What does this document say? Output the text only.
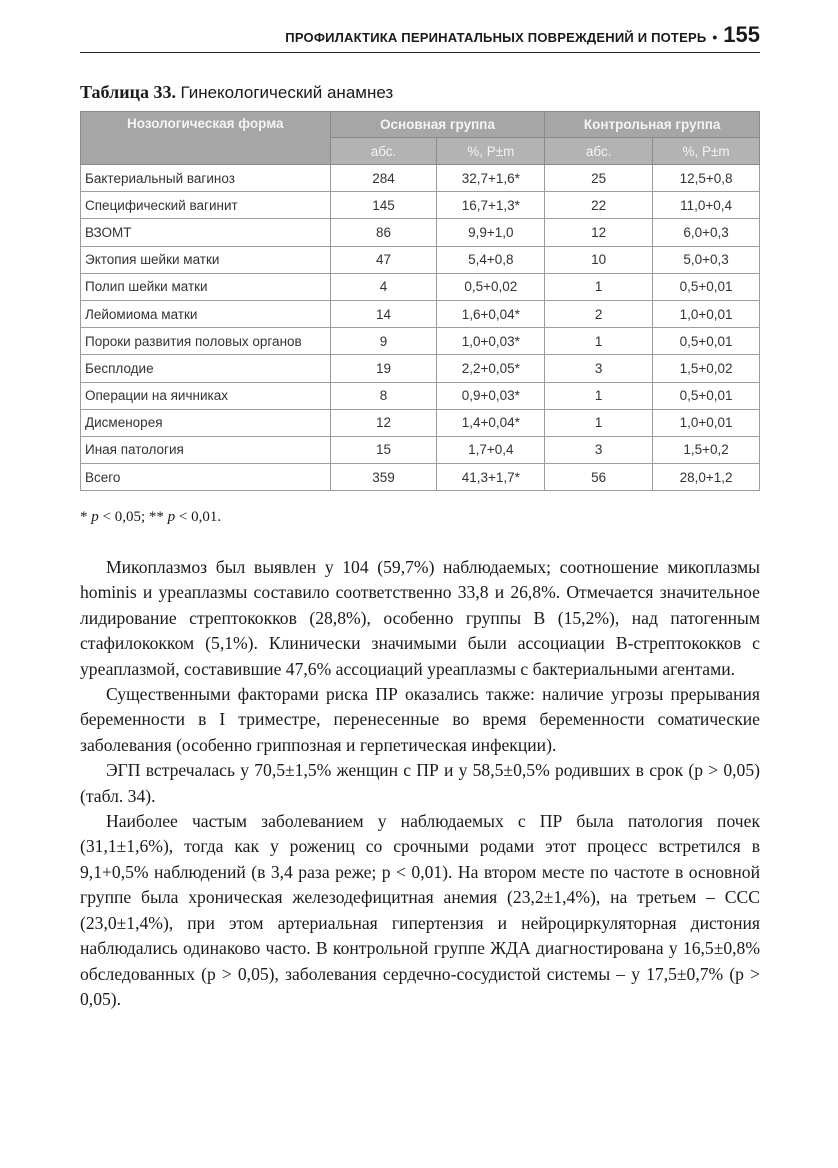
ПРОФИЛАКТИКА ПЕРИНАТАЛЬНЫХ ПОВРЕЖДЕНИЙ И ПОТЕРЬ • 155
Таблица 33. Гинекологический анамнез
Нозологическая форма	Основная группа		Контрольная группа	
	абс.	%, P±m	абс.	%, P±m
Бактериальный вагиноз	284	32,7+1,6*	25	12,5+0,8
Специфический вагинит	145	16,7+1,3*	22	11,0+0,4
ВЗОМТ	86	9,9+1,0	12	6,0+0,3
Эктопия шейки матки	47	5,4+0,8	10	5,0+0,3
Полип шейки матки	4	0,5+0,02	1	0,5+0,01
Лейомиома матки	14	1,6+0,04*	2	1,0+0,01
Пороки развития половых органов	9	1,0+0,03*	1	0,5+0,01
Бесплодие	19	2,2+0,05*	3	1,5+0,02
Операции на яичниках	8	0,9+0,03*	1	0,5+0,01
Дисменорея	12	1,4+0,04*	1	1,0+0,01
Иная патология	15	1,7+0,4	3	1,5+0,2
Всего	359	41,3+1,7*	56	28,0+1,2
* p < 0,05; ** p < 0,01.

Микоплазмоз был выявлен у 104 (59,7%) наблюдаемых; соотношение микоплазмы hominis и уреаплазмы составило соответственно 33,8 и 26,8%. Отмечается значительное лидирование стрептококков (28,8%), особенно группы В (15,2%), над патогенным стафилококком (5,1%). Клинически значимыми были ассоциации В-стрептококков с уреаплазмой, составившие 47,6% ассоциаций уреаплазмы с бактериальными агентами.

Существенными факторами риска ПР оказались также: наличие угрозы прерывания беременности в I триместре, перенесенные во время беременности соматические заболевания (особенно гриппозная и герпетическая инфекции).

ЭГП встречалась у 70,5±1,5% женщин с ПР и у 58,5±0,5% родивших в срок (p > 0,05) (табл. 34).

Наиболее частым заболеванием у наблюдаемых с ПР была патология почек (31,1±1,6%), тогда как у рожениц со срочными родами этот процесс встретился в 9,1+0,5% наблюдений (в 3,4 раза реже; p < 0,01). На втором месте по частоте в основной группе была хроническая железодефицитная анемия (23,2±1,4%), на третьем – ССС (23,0±1,4%), при этом артериальная гипертензия и нейроциркуляторная дистония наблюдались одинаково часто. В контрольной группе ЖДА диагностирована у 16,5±0,8% обследованных (p > 0,05), заболевания сердечно-сосудистой системы – у 17,5±0,7% (p > 0,05).
